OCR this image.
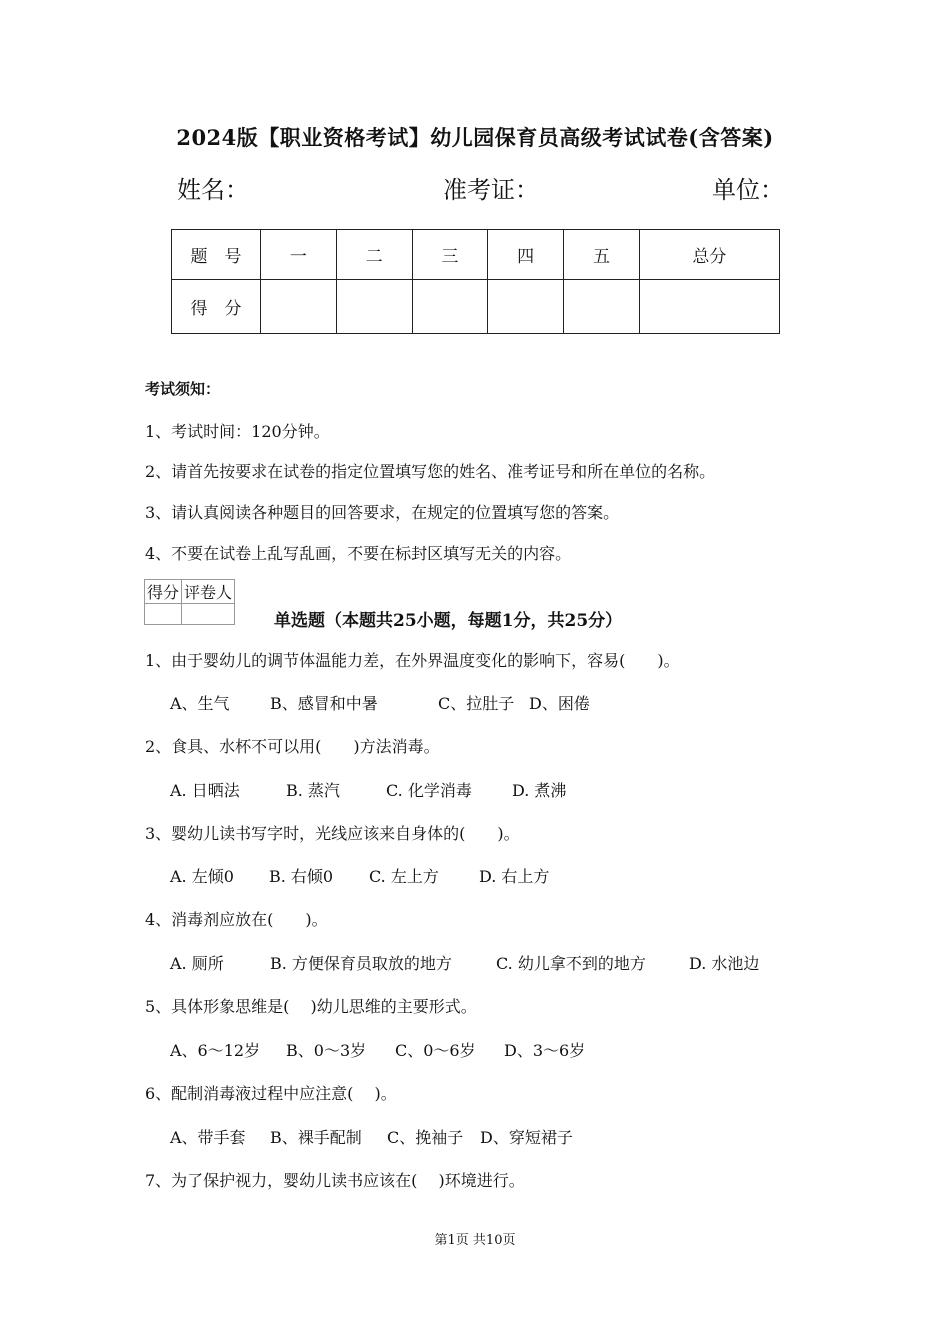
2024版【职业资格考试】幼儿园保育员高级考试试卷(含答案)
姓名：	准考证：	单位：
题　号	一	二	三	四	五	总分
得　分						
考试须知：
1、考试时间：120分钟。
2、请首先按要求在试卷的指定位置填写您的姓名、准考证号和所在单位的名称。
3、请认真阅读各种题目的回答要求，在规定的位置填写您的答案。
4、不要在试卷上乱写乱画，不要在标封区填写无关的内容。
得分	评卷人

单选题（本题共25小题，每题1分，共25分）
1、由于婴幼儿的调节体温能力差，在外界温度变化的影响下，容易(　　)。
A、生气	B、感冒和中暑	C、拉肚子 D、困倦
2、食具、水杯不可以用(　　)方法消毒。
A. 日晒法	B. 蒸汽	C. 化学消毒	D. 煮沸
3、婴幼儿读书写字时，光线应该来自身体的(　　)。
A. 左倾0 B. 右倾0 C. 左上方	D. 右上方
4、消毒剂应放在(　　)。
A. 厕所	B. 方便保育员取放的地方	C. 幼儿拿不到的地方	D. 水池边
5、具体形象思维是(　 )幼儿思维的主要形式。
A、6～12岁 B、0～3岁 C、0～6岁 D、3～6岁
6、配制消毒液过程中应注意(　 )。
A、带手套 B、裸手配制 C、挽袖子 D、穿短裙子
7、为了保护视力，婴幼儿读书应该在(　 )环境进行。
第1页 共10页
